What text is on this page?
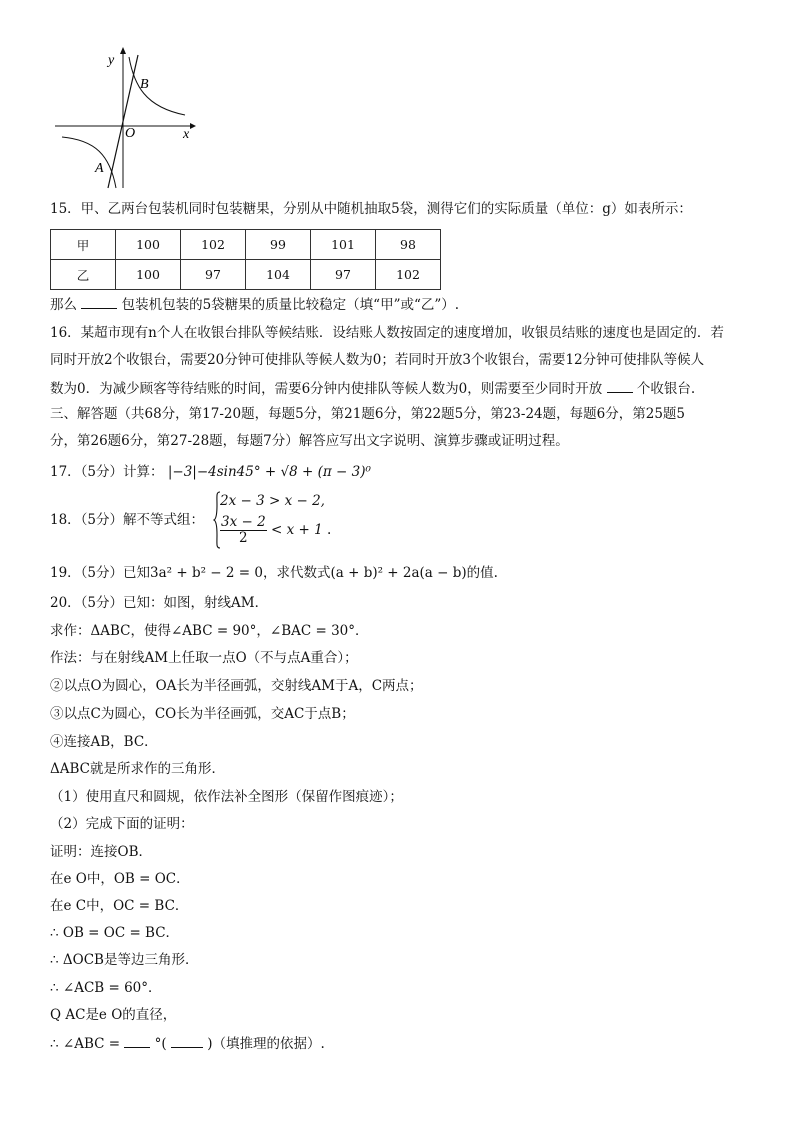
y
x
O
A
B
15．甲、乙两台包装机同时包装糖果，分别从中随机抽取5袋，测得它们的实际质量（单位：g）如表所示：
甲	100	102	99	101	98
乙	100	97	104	97	102
那么	包装机包装的5袋糖果的质量比较稳定（填“甲”或“乙”）.
16．某超市现有n个人在收银台排队等候结账．设结账人数按固定的速度增加，收银员结账的速度也是固定的．若
同时开放2个收银台，需要20分钟可使排队等候人数为0；若同时开放3个收银台，需要12分钟可使排队等候人
数为0．为减少顾客等待结账的时间，需要6分钟内使排队等候人数为0，则需要至少同时开放	个收银台.
三、解答题（共68分，第17-20题，每题5分，第21题6分，第22题5分，第23-24题，每题6分，第25题5
分，第26题6分，第27-28题，每题7分）解答应写出文字说明、演算步骤或证明过程。
17．（5分）计算： |−3|−4sin45° + √8 + (π − 3)⁰
18．（5分）解不等式组：
2x − 3 > x − 2,
$\frac{3x - 2}{2} < x + 1$ .
19．（5分）已知3a² + b² − 2 = 0，求代数式(a + b)² + 2a(a − b)的值.
20．（5分）已知：如图，射线AM．
求作：ΔABC，使得∠ABC = 90°，∠BAC = 30°．
作法：与在射线AM上任取一点O（不与点A重合）；
②以点O为圆心，OA长为半径画弧，交射线AM于A，C两点；
③以点C为圆心，CO长为半径画弧，交AC于点B；
④连接AB，BC．
ΔABC就是所求作的三角形．
（1）使用直尺和圆规，依作法补全图形（保留作图痕迹）；
（2）完成下面的证明：
证明：连接OB．
在e O中，OB = OC．
在e C中，OC = BC．
∴ OB = OC = BC．
∴ ΔOCB是等边三角形．
∴ ∠ACB = 60°．
Q AC是e O的直径，
∴ ∠ABC =	°(	)（填推理的依据）.
